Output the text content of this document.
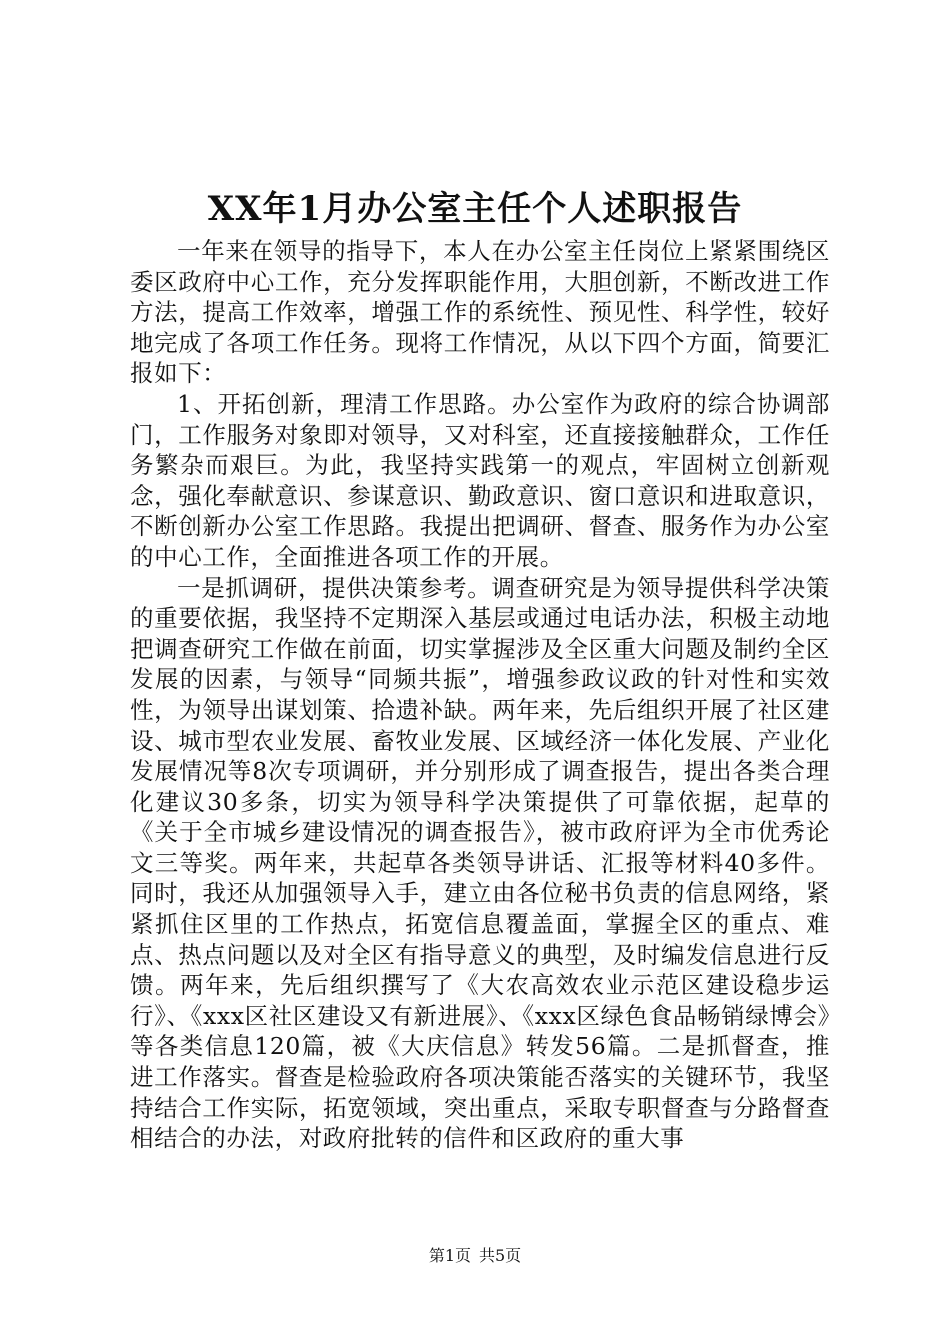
XX年1月办公室主任个人述职报告

一年来在领导的指导下，本人在办公室主任岗位上紧紧围绕区委区政府中心工作，充分发挥职能作用，大胆创新，不断改进工作方法，提高工作效率，增强工作的系统性、预见性、科学性，较好地完成了各项工作任务。现将工作情况，从以下四个方面，简要汇报如下：

1、开拓创新，理清工作思路。办公室作为政府的综合协调部门，工作服务对象即对领导，又对科室，还直接接触群众，工作任务繁杂而艰巨。为此，我坚持实践第一的观点，牢固树立创新观念，强化奉献意识、参谋意识、勤政意识、窗口意识和进取意识，不断创新办公室工作思路。我提出把调研、督查、服务作为办公室的中心工作，全面推进各项工作的开展。

一是抓调研，提供决策参考。调查研究是为领导提供科学决策的重要依据，我坚持不定期深入基层或通过电话办法，积极主动地把调查研究工作做在前面，切实掌握涉及全区重大问题及制约全区发展的因素，与领导“同频共振”，增强参政议政的针对性和实效性，为领导出谋划策、拾遗补缺。两年来，先后组织开展了社区建设、城市型农业发展、畜牧业发展、区域经济一体化发展、产业化发展情况等8次专项调研，并分别形成了调查报告，提出各类合理化建议30多条，切实为领导科学决策提供了可靠依据，起草的《关于全市城乡建设情况的调查报告》，被市政府评为全市优秀论文三等奖。两年来，共起草各类领导讲话、汇报等材料40多件。同时，我还从加强领导入手，建立由各位秘书负责的信息网络，紧紧抓住区里的工作热点，拓宽信息覆盖面，掌握全区的重点、难点、热点问题以及对全区有指导意义的典型，及时编发信息进行反馈。两年来，先后组织撰写了《大农高效农业示范区建设稳步运行》、《xxx区社区建设又有新进展》、《xxx区绿色食品畅销绿博会》等各类信息120篇，被《大庆信息》转发56篇。二是抓督查，推进工作落实。督查是检验政府各项决策能否落实的关键环节，我坚持结合工作实际，拓宽领域，突出重点，采取专职督查与分路督查相结合的办法，对政府批转的信件和区政府的重大事

第1页 共5页
